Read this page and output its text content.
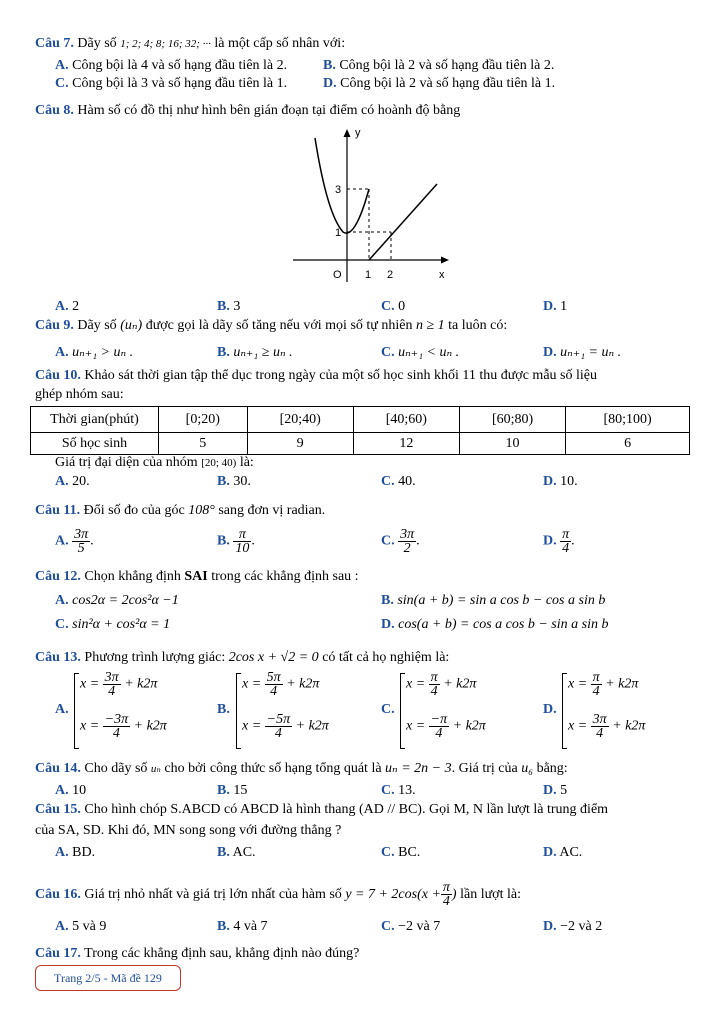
Câu 7. Dãy số 1; 2; 4; 8; 16; 32; ··· là một cấp số nhân với:
A. Công bội là 4 và số hạng đầu tiên là 2.	B. Công bội là 2 và số hạng đầu tiên là 2.
C. Công bội là 3 và số hạng đầu tiên là 1.	D. Công bội là 2 và số hạng đầu tiên là 1.
Câu 8. Hàm số có đồ thị như hình bên gián đoạn tại điểm có hoành độ bằng
y
x
O 1 2
1
3
A. 2	B. 3	C. 0	D. 1
Câu 9. Dãy số (uₙ) được gọi là dãy số tăng nếu với mọi số tự nhiên n ≥ 1 ta luôn có:
A. uₙ₊₁ > uₙ .	B. uₙ₊₁ ≥ uₙ .	C. uₙ₊₁ < uₙ .	D. uₙ₊₁ = uₙ .
Câu 10. Khảo sát thời gian tập thể dục trong ngày của một số học sinh khối 11 thu được mẫu số liệu
ghép nhóm sau:
Thời gian(phút)	[0;20)	[20;40)	[40;60)	[60;80)	[80;100)
Số học sinh	5	9	12	10	6
Giá trị đại diện của nhóm [20; 40) là:
A. 20.	B. 30.	C. 40.	D. 10.
Câu 11. Đổi số đo của góc 108° sang đơn vị radian.
A. $\frac{3\pi}{5}$ .	B. $\frac{\pi}{10}$ .	C. $\frac{3\pi}{2}$ .	D. $\frac{\pi}{4}$ .
Câu 12. Chọn khẳng định SAI trong các khẳng định sau :
A. cos2α = 2cos²α −1	B. sin(a + b) = sin a cos b − cos a sin b
C. sin²α + cos²α = 1	D. cos(a + b) = cos a cos b − sin a sin b
Câu 13. Phương trình lượng giác: 2cos x + √2 = 0 có tất cả họ nghiệm là:
A.
$x = \frac{3\pi}{4} + k2\pi$
$x = \frac{-3\pi}{4} + k2\pi$
B.
$x = \frac{5\pi}{4} + k2\pi$
$x = \frac{-5\pi}{4} + k2\pi$
C.
$x = \frac{\pi}{4} + k2\pi$
$x = \frac{-\pi}{4} + k2\pi$
D.
$x = \frac{\pi}{4} + k2\pi$
$x = \frac{3\pi}{4} + k2\pi$
Câu 14. Cho dãy số uₙ cho bởi công thức số hạng tổng quát là uₙ = 2n − 3. Giá trị của u₆ bằng:
A. 10	B. 15	C. 13.	D. 5
Câu 15. Cho hình chóp S.ABCD có ABCD là hình thang (AD // BC). Gọi M, N lần lượt là trung điểm
của SA, SD. Khi đó, MN song song với đường thẳng ?
A. BD.	B. AC.	C. BC.	D. AC.
Câu 16. Giá trị nhỏ nhất và giá trị lớn nhất của hàm số $y = 7 + 2\cos(x + \frac{\pi}{4}$ ) lần lượt là:
A. 5 và 9	B. 4 và 7	C. −2 và 7	D. −2 và 2
Câu 17. Trong các khẳng định sau, khẳng định nào đúng?
Trang 2/5 - Mã đề 129
